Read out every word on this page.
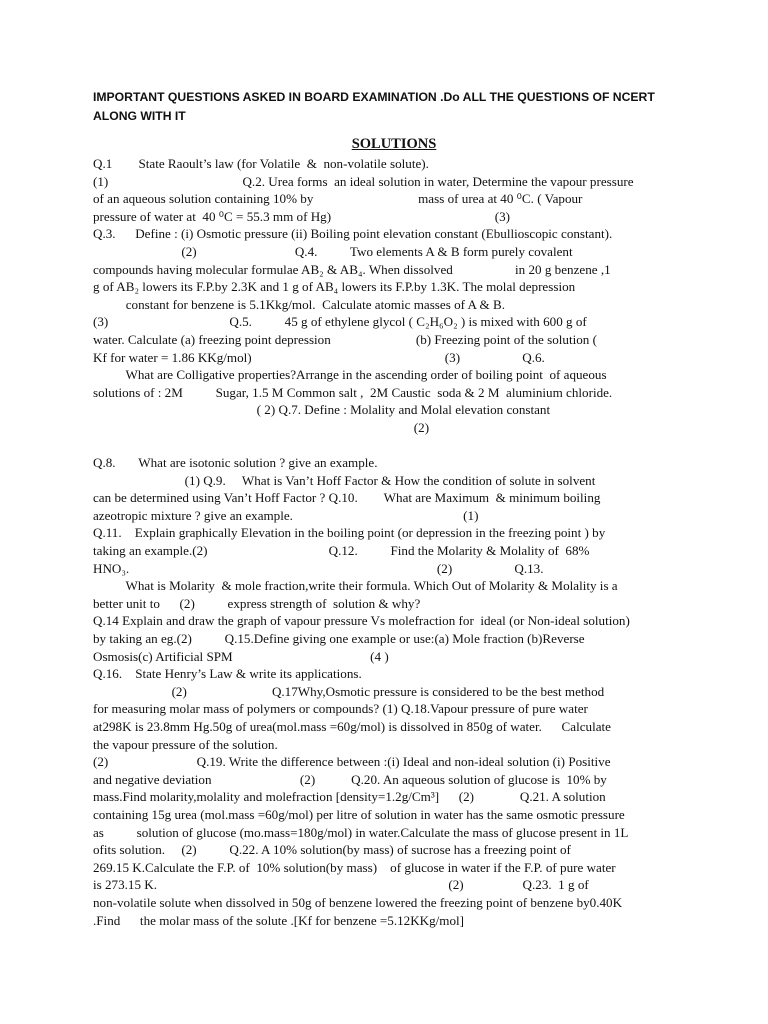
IMPORTANT QUESTIONS ASKED IN BOARD EXAMINATION .Do ALL THE QUESTIONS OF NCERT ALONG WITH IT

SOLUTIONS
Q.1        State Raoult’s law (for Volatile  &  non-volatile solute).
(1)                                         Q.2. Urea forms  an ideal solution in water, Determine the vapour pressure
of an aqueous solution containing 10% by                                mass of urea at 40 ⁰C. ( Vapour
pressure of water at  40 ⁰C = 55.3 mm of Hg)                                                  (3)
Q.3.      Define : (i) Osmotic pressure (ii) Boiling point elevation constant (Ebullioscopic constant).
(2)                              Q.4.          Two elements A & B form purely covalent
compounds having molecular formulae AB₂ & AB₄. When dissolved                   in 20 g benzene ,1
g of AB₂ lowers its F.P.by 2.3K and 1 g of AB₄ lowers its F.P.by 1.3K. The molal depression
constant for benzene is 5.1Kkg/mol.  Calculate atomic masses of A & B.
(3)                                     Q.5.          45 g of ethylene glycol ( C₂H₆O₂ ) is mixed with 600 g of
water. Calculate (a) freezing point depression                          (b) Freezing point of the solution (
Kf for water = 1.86 KKg/mol)                                                           (3)                   Q.6.
What are Colligative properties?Arrange in the ascending order of boiling point  of aqueous
solutions of : 2M          Sugar, 1.5 M Common salt ,  2M Caustic  soda & 2 M  aluminium chloride.
( 2) Q.7. Define : Molality and Molal elevation constant
(2)
Q.8.       What are isotonic solution ? give an example.
(1) Q.9.     What is Van’t Hoff Factor & How the condition of solute in solvent
can be determined using Van’t Hoff Factor ? Q.10.        What are Maximum  & minimum boiling
azeotropic mixture ? give an example.                                                    (1)
Q.11.    Explain graphically Elevation in the boiling point (or depression in the freezing point ) by
taking an example.(2)                                     Q.12.          Find the Molarity & Molality of  68%
HNO₃.                                                                                              (2)                   Q.13.
What is Molarity  & mole fraction,write their formula. Which Out of Molarity & Molality is a
better unit to      (2)          express strength of  solution & why?
Q.14 Explain and draw the graph of vapour pressure Vs molefraction for  ideal (or Non-ideal solution)
by taking an eg.(2)          Q.15.Define giving one example or use:(a) Mole fraction (b)Reverse
Osmosis(c) Artificial SPM                                          (4 )
Q.16.    State Henry’s Law & write its applications.
(2)                          Q.17Why,Osmotic pressure is considered to be the best method
for measuring molar mass of polymers or compounds? (1) Q.18.Vapour pressure of pure water
at298K is 23.8mm Hg.50g of urea(mol.mass =60g/mol) is dissolved in 850g of water.      Calculate
the vapour pressure of the solution.
(2)                           Q.19. Write the difference between :(i) Ideal and non-ideal solution (i) Positive
and negative deviation                           (2)           Q.20. An aqueous solution of glucose is  10% by
mass.Find molarity,molality and molefraction [density=1.2g/Cm³]      (2)              Q.21. A solution
containing 15g urea (mol.mass =60g/mol) per litre of solution in water has the same osmotic pressure
as          solution of glucose (mo.mass=180g/mol) in water.Calculate the mass of glucose present in 1L
ofits solution.     (2)          Q.22. A 10% solution(by mass) of sucrose has a freezing point of
269.15 K.Calculate the F.P. of  10% solution(by mass)    of glucose in water if the F.P. of pure water
is 273.15 K.                                                                                         (2)                  Q.23.  1 g of
non-volatile solute when dissolved in 50g of benzene lowered the freezing point of benzene by0.40K
.Find      the molar mass of the solute .[Kf for benzene =5.12KKg/mol]
